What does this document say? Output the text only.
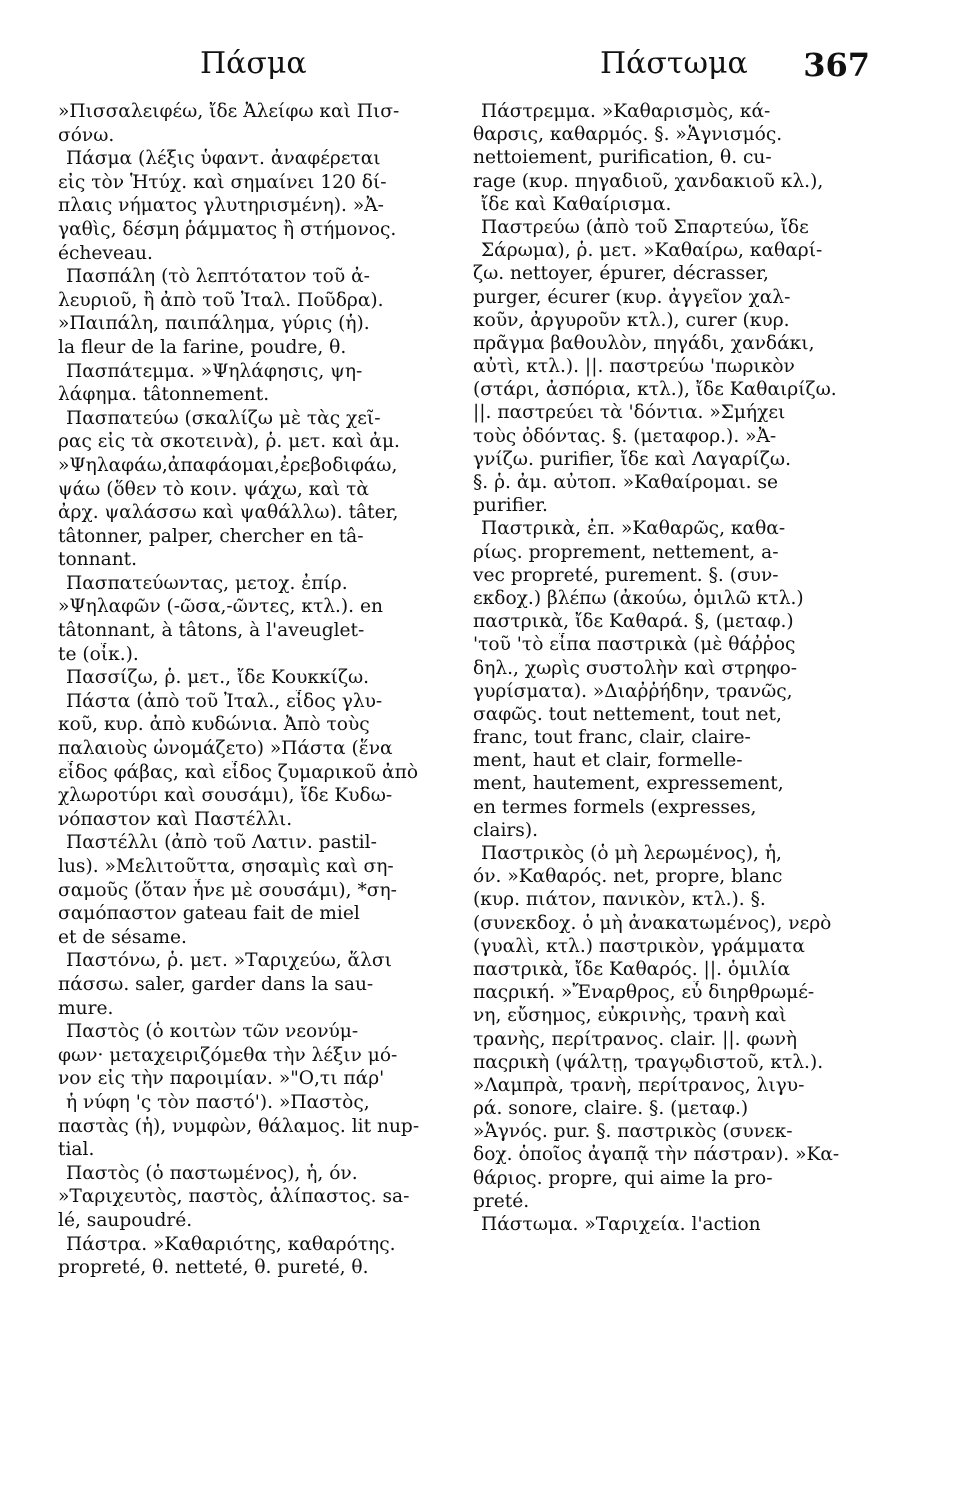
Πάσμα	Πάστωμα 367
»Πισσαλειφέω, ἴδε Ἀλείφω καὶ Πισ-
σόνω.
Πάσμα (λέξις ὑφαντ. ἀναφέρεται
εἰς τὸν Ἡτύχ. καὶ σημαίνει 120 δί-
πλαις νήματος γλυτηρισμένη). »Ἀ-
γαθὶς, δέσμη ῥάμματος ἢ στήμονος.
écheveau.
Πασπάλη (τὸ λεπτότατον τοῦ ἀ-
λευριοῦ, ἢ ἀπὸ τοῦ Ἰταλ. Ποῦδρα).
»Παιπάλη, παιπάλημα, γύρις (ἡ).
la fleur de la farine, poudre, θ.
Πασπάτεμμα. »Ψηλάφησις, ψη-
λάφημα. tâtonnement.
Πασπατεύω (σκαλίζω μὲ τὰς χεῖ-
ρας εἰς τὰ σκοτεινὰ), ῥ. μετ. καὶ ἀμ.
»Ψηλαφάω,ἀπαφάομαι,ἐρεβοδιφάω,
ψάω (ὅθεν τὸ κοιν. ψάχω, καὶ τὰ
ἀρχ. ψαλάσσω καὶ ψαθάλλω). tâter,
tâtonner, palper, chercher en tâ-
tonnant.
Πασπατεύωντας, μετοχ. ἐπίρ.
»Ψηλαφῶν (-ῶσα,-ῶντες, κτλ.). en
tâtonnant, à tâtons, à l'aveuglet-
te (οἶκ.).
Πασσίζω, ῥ. μετ., ἴδε Κουκκίζω.
Πάστα (ἀπὸ τοῦ Ἰταλ., εἶδος γλυ-
κοῦ, κυρ. ἀπὸ κυδώνια. Ἀπὸ τοὺς
παλαιοὺς ὠνομάζετο) »Πάστα (ἕνα
εἶδος φάβας, καὶ εἶδος ζυμαρικοῦ ἀπὸ
χλωροτύρι καὶ σουσάμι), ἴδε Κυδω-
νόπαστον καὶ Παστέλλι.
Παστέλλι (ἀπὸ τοῦ Λατιν. pastil-
lus). »Μελιτοῦττα, σησαμὶς καὶ ση-
σαμοῦς (ὅταν ἦνε μὲ σουσάμι), *ση-
σαμόπαστον gateau fait de miel
et de sésame.
Παστόνω, ῥ. μετ. »Ταριχεύω, ἅλσι
πάσσω. saler, garder dans la sau-
mure.
Παστὸς (ὁ κοιτὼν τῶν νεονύμ-
φων· μεταχειριζόμεθα τὴν λέξιν μό-
νον εἰς τὴν παροιμίαν. »"Ο,τι πάρ'
ἡ νύφη 'ς τὸν παστό'). »Παστὸς,
παστὰς (ἡ), νυμφὼν, θάλαμος. lit nup-
tial.
Παστὸς (ὁ παστωμένος), ἡ, όν.
»Ταριχευτὸς, παστὸς, ἁλίπαστος. sa-
lé, saupoudré.
Πάστρα. »Καθαριότης, καθαρότης.
propreté, θ. netteté, θ. pureté, θ.
Πάστρεμμα. »Καθαρισμὸς, κά-
θαρσις, καθαρμός. §. »Ἁγνισμός.
nettoiement, purification, θ. cu-
rage (κυρ. πηγαδιοῦ, χανδακιοῦ κλ.),
ἴδε καὶ Καθαίρισμα.
Παστρεύω (ἀπὸ τοῦ Σπαρτεύω, ἴδε
Σάρωμα), ῥ. μετ. »Καθαίρω, καθαρί-
ζω. nettoyer, épurer, décrasser,
purger, écurer (κυρ. ἀγγεῖον χαλ-
κοῦν, ἀργυροῦν κτλ.), curer (κυρ.
πρᾶγμα βαθουλὸν, πηγάδι, χανδάκι,
αὐτὶ, κτλ.). ||. παστρεύω 'πωρικὸν
(στάρι, ἀσπόρια, κτλ.), ἴδε Καθαιρίζω.
||. παστρεύει τὰ 'δόντια. »Σμήχει
τοὺς ὀδόντας. §. (μεταφορ.). »Ἀ-
γνίζω. purifier, ἴδε καὶ Λαγαρίζω.
§. ῥ. ἀμ. αὐτοπ. »Καθαίρομαι. se
purifier.
Παστρικὰ, ἐπ. »Καθαρῶς, καθα-
ρίως. proprement, nettement, a-
vec propreté, purement. §. (συν-
εκδοχ.) βλέπω (ἀκούω, ὁμιλῶ κτλ.)
παστρικὰ, ἴδε Καθαρά. §, (μεταφ.)
'τοῦ 'τὸ εἶπα παστρικὰ (μὲ θάῤῥος
δηλ., χωρὶς συστολὴν καὶ στρηφο-
γυρίσματα). »Διαῤῥήδην, τρανῶς,
σαφῶς. tout nettement, tout net,
franc, tout franc, clair, claire-
ment, haut et clair, formelle-
ment, hautement, expressement,
en termes formels (expresses,
clairs).
Παστρικὸς (ὁ μὴ λερωμένος), ἡ,
όν. »Καθαρός. net, propre, blanc
(κυρ. πιάτον, πανικὸν, κτλ.). §.
(συνεκδοχ. ὁ μὴ ἀνακατωμένος), νερὸ
(γυαλὶ, κτλ.) παστρικὸν, γράμματα
παστρικὰ, ἴδε Καθαρός. ||. ὁμιλία
παςρική. »Ἔναρθρος, εὖ διηρθρωμέ-
νη, εὔσημος, εὐκρινὴς, τρανὴ καὶ
τρανὴς, περίτρανος. clair. ||. φωνὴ
παςρικὴ (ψάλτῃ, τραγῳδιστοῦ, κτλ.).
»Λαμπρὰ, τρανὴ, περίτρανος, λιγυ-
ρά. sonore, claire. §. (μεταφ.)
»Ἁγνός. pur. §. παστρικὸς (συνεκ-
δοχ. ὁποῖος ἀγαπᾷ τὴν πάστραν). »Κα-
θάριος. propre, qui aime la pro-
preté.
Πάστωμα. »Ταριχεία. l'action
